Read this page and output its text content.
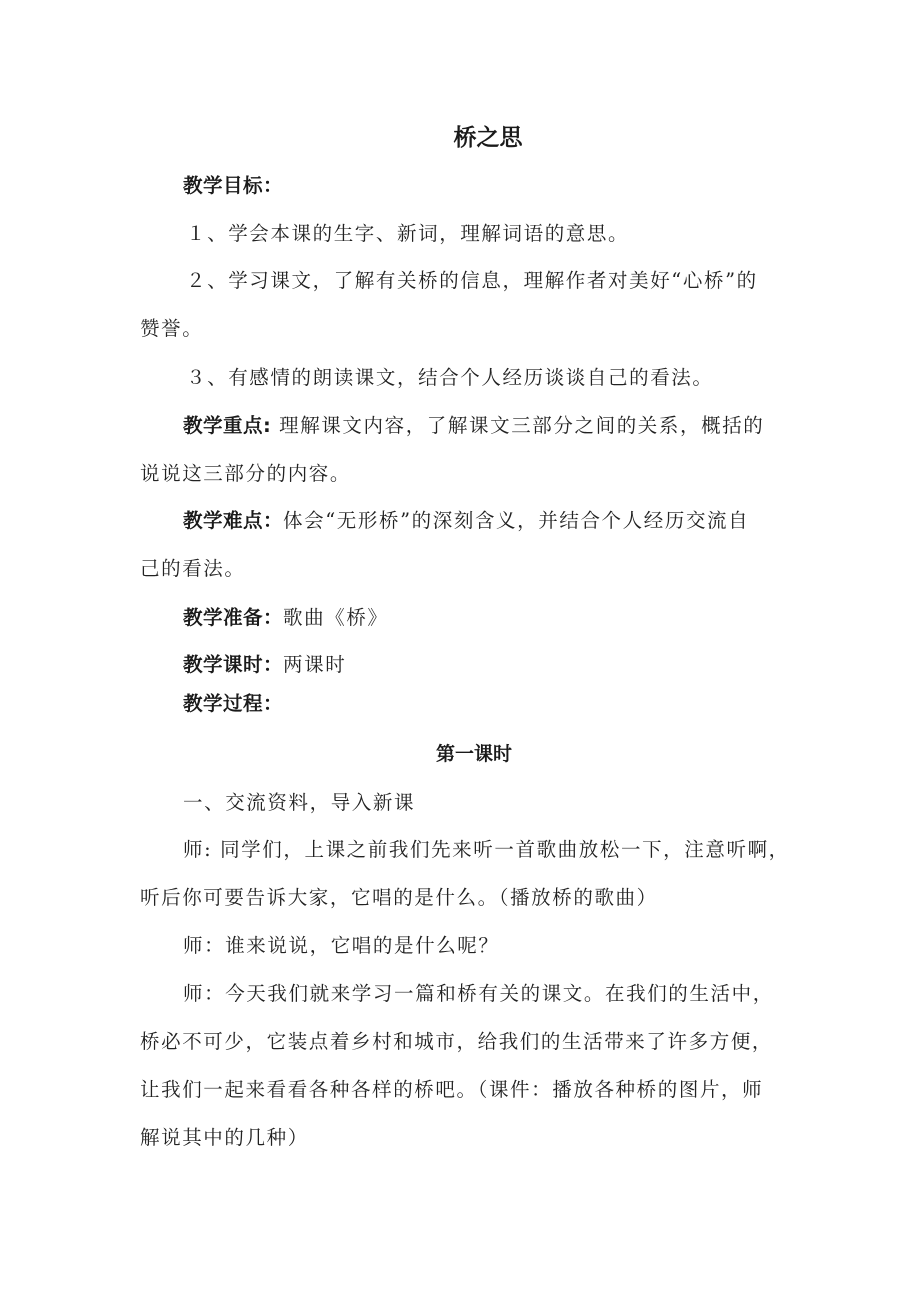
桥之思
教学目标：
１、学会本课的生字、新词，理解词语的意思。
２、学习课文，了解有关桥的信息，理解作者对美好“心桥”的
赞誉。
３、有感情的朗读课文，结合个人经历谈谈自己的看法。
教学重点: 理解课文内容，了解课文三部分之间的关系，概括的
说说这三部分的内容。
教学难点：体会“无形桥”的深刻含义，并结合个人经历交流自
己的看法。
教学准备：歌曲《桥》
教学课时：两课时
教学过程：
第一课时
一、交流资料，导入新课
师: 同学们，上课之前我们先来听一首歌曲放松一下，注意听啊，
听后你可要告诉大家，它唱的是什么。（播放桥的歌曲）
师：谁来说说，它唱的是什么呢？
师：今天我们就来学习一篇和桥有关的课文。在我们的生活中，
桥必不可少，它装点着乡村和城市，给我们的生活带来了许多方便，
让我们一起来看看各种各样的桥吧。（课件：播放各种桥的图片，师
解说其中的几种）
